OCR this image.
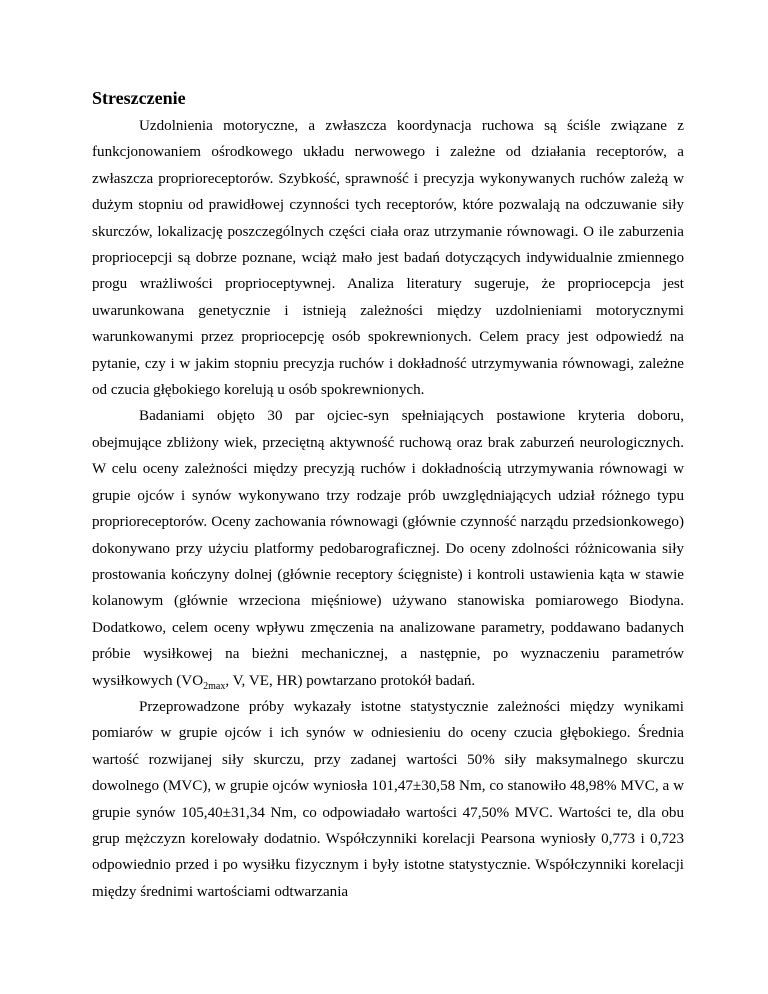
Streszczenie

Uzdolnienia motoryczne, a zwłaszcza koordynacja ruchowa są ściśle związane z funkcjonowaniem ośrodkowego układu nerwowego i zależne od działania receptorów, a zwłaszcza proprioreceptorów. Szybkość, sprawność i precyzja wykonywanych ruchów zależą w dużym stopniu od prawidłowej czynności tych receptorów, które pozwalają na odczuwanie siły skurczów, lokalizację poszczególnych części ciała oraz utrzymanie równowagi. O ile zaburzenia propriocepcji są dobrze poznane, wciąż mało jest badań dotyczących indywidualnie zmiennego progu wrażliwości proprioceptywnej. Analiza literatury sugeruje, że propriocepcja jest uwarunkowana genetycznie i istnieją zależności między uzdolnieniami motorycznymi warunkowanymi przez propriocepcję osób spokrewnionych. Celem pracy jest odpowiedź na pytanie, czy i w jakim stopniu precyzja ruchów i dokładność utrzymywania równowagi, zależne od czucia głębokiego korelują u osób spokrewnionych.

Badaniami objęto 30 par ojciec-syn spełniających postawione kryteria doboru, obejmujące zbliżony wiek, przeciętną aktywność ruchową oraz brak zaburzeń neurologicznych. W celu oceny zależności między precyzją ruchów i dokładnością utrzymywania równowagi w grupie ojców i synów wykonywano trzy rodzaje prób uwzględniających udział różnego typu proprioreceptorów. Oceny zachowania równowagi (głównie czynność narządu przedsionkowego) dokonywano przy użyciu platformy pedobarograficznej. Do oceny zdolności różnicowania siły prostowania kończyny dolnej (głównie receptory ścięgniste) i kontroli ustawienia kąta w stawie kolanowym (głównie wrzeciona mięśniowe) używano stanowiska pomiarowego Biodyna. Dodatkowo, celem oceny wpływu zmęczenia na analizowane parametry, poddawano badanych próbie wysiłkowej na bieżni mechanicznej, a następnie, po wyznaczeniu parametrów wysiłkowych ($VO_{2max}$, V, VE, HR) powtarzano protokół badań.

Przeprowadzone próby wykazały istotne statystycznie zależności między wynikami pomiarów w grupie ojców i ich synów w odniesieniu do oceny czucia głębokiego. Średnia wartość rozwijanej siły skurczu, przy zadanej wartości 50% siły maksymalnego skurczu dowolnego (MVC), w grupie ojców wyniosła 101,47±30,58 Nm, co stanowiło 48,98% MVC, a w grupie synów 105,40±31,34 Nm, co odpowiadało wartości 47,50% MVC. Wartości te, dla obu grup mężczyzn korelowały dodatnio. Współczynniki korelacji Pearsona wyniosły 0,773 i 0,723 odpowiednio przed i po wysiłku fizycznym i były istotne statystycznie. Współczynniki korelacji między średnimi wartościami odtwarzania
